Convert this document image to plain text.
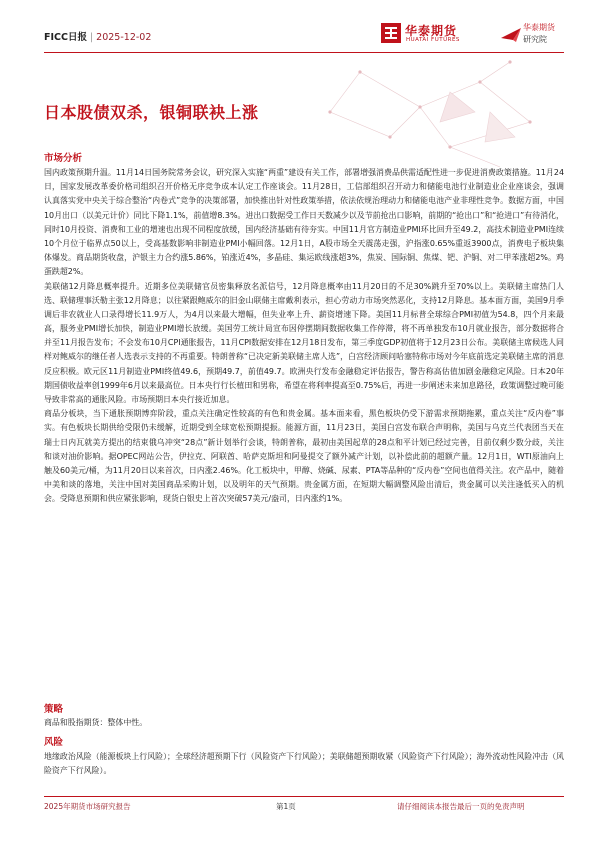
FICC日报 | 2025-12-02	华泰期货
HUATAI FUTURES
华泰期货
研究院
日本股债双杀，银铜联袂上涨
市场分析

国内政策预期升温。11月14日国务院常务会议，研究深入实施“两重”建设有关工作，部署增强消费品供需适配性进一步促进消费政策措施。11月24日，国家发展改革委价格司组织召开价格无序竞争成本认定工作座谈会。11月28日，工信部组织召开动力和储能电池行业制造业企业座谈会，强调认真落实党中央关于综合整治“内卷式”竞争的决策部署，加快推出针对性政策举措，依法依规治理动力和储能电池产业非理性竞争。数据方面，中国10月出口（以美元计价）同比下降1.1%，前值增8.3%。进出口数据受工作日天数减少以及节前抢出口影响，前期的“抢出口”和“抢进口”有待消化，同时10月投资、消费和工业的增速也出现不同程度放缓，国内经济基础有待夯实。中国11月官方制造业PMI环比回升至49.2，高技术制造业PMI连续10个月位于临界点50以上，受高基数影响非制造业PMI小幅回落。12月1日，A股市场全天震荡走强，沪指涨0.65%重返3900点，消费电子板块集体爆发。商品期货收盘，沪银主力合约涨5.86%，铂涨近4%，多晶硅、集运欧线涨超3%，焦炭、国际铜、焦煤、钯、沪铜、对二甲苯涨超2%。鸡蛋跌超2%。

美联储12月降息概率提升。近期多位美联储官员密集释放名派信号，12月降息概率由11月20日的不足30%跳升至70%以上。美联储主席热门人选、联储理事沃勒主张12月降息；以往紧跟鲍威尔的旧金山联储主席戴利表示，担心劳动力市场突然恶化，支持12月降息。基本面方面，美国9月季调后非农就业人口录得增长11.9万人，为4月以来最大增幅，但失业率上升、薪资增速下降。美国11月标普全球综合PMI初值为54.8，四个月来最高，服务业PMI增长加快，制造业PMI增长放缓。美国劳工统计局宣布因停摆期间数据收集工作停滞，将不再单独发布10月就业报告，部分数据将合并至11月报告发布；不会发布10月CPI通胀报告，11月CPI数据安排在12月18日发布，第三季度GDP初值将于12月23日公布。美联储主席候选人同样对鲍威尔的继任者人选表示支持的不再重要。特朗普称“已决定新美联储主席人选”，白宫经济顾问哈塞特称市场对今年底前选定美联储主席的消息反应积极。欧元区11月制造业PMI终值49.6，预期49.7，前值49.7。欧洲央行发布金融稳定评估报告，警告称高估值加剧金融稳定风险。日本20年期国债收益率创1999年6月以来最高位。日本央行行长植田和男称，希望在将利率提高至0.75%后，再进一步阐述未来加息路径，政策调整过晚可能导致非常高的通胀风险。市场预期日本央行接近加息。

商品分板块，当下通胀预期博弈阶段，重点关注确定性较高的有色和贵金属。基本面来看，黑色板块仍受下游需求预期拖累，重点关注“反内卷”事实。有色板块长期供给受限仍未缓解，近期受到全球宽松预期提振。能源方面，11月23日，美国白宫发布联合声明称，美国与乌克兰代表团当天在瑞士日内瓦就美方提出的结束俄乌冲突“28点”新计划举行会谈，特朗普称，最初由美国起草的28点和平计划已经过完善，目前仅剩少数分歧，关注和谈对油价影响。据OPEC网站公告，伊拉克、阿联酋、哈萨克斯坦和阿曼提交了额外减产计划，以补偿此前的超额产量。12月1日，WTI原油向上触及60美元/桶，为11月20日以来首次，日内涨2.46%。化工板块中，甲醇、烧碱、尿素、PTA等品种的“反内卷”空间也值得关注。农产品中，随着中美和谈的落地，关注中国对美国商品采购计划，以及明年的天气预期。贵金属方面，在短期大幅调整风险出清后，贵金属可以关注逢低买入的机会。受降息预期和供应紧张影响，现货白银史上首次突破57美元/盎司，日内涨约1%。

策略
商品和股指期货：整体中性。
风险
地缘政治风险（能源板块上行风险）；全球经济超预期下行（风险资产下行风险）；美联储超预期收紧（风险资产下行风险）；海外流动性风险冲击（风险资产下行风险）。
2025年期货市场研究报告	第1页	请仔细阅读本报告最后一页的免责声明
